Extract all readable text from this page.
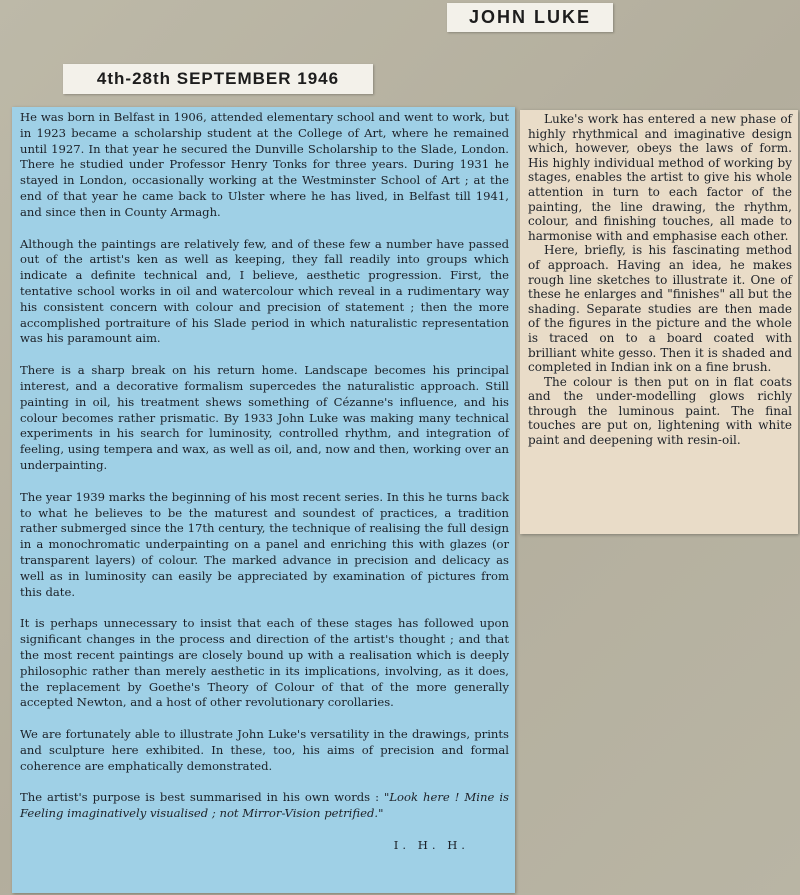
JOHN LUKE
4th-28th SEPTEMBER 1946

He was born in Belfast in 1906, attended elementary school and went to work, but in 1923 became a scholarship student at the College of Art, where he remained until 1927. In that year he secured the Dunville Scholarship to the Slade, London. There he studied under Professor Henry Tonks for three years. During 1931 he stayed in London, occasionally working at the Westminster School of Art ; at the end of that year he came back to Ulster where he has lived, in Belfast till 1941, and since then in County Armagh.

Although the paintings are relatively few, and of these few a number have passed out of the artist's ken as well as keeping, they fall readily into groups which indicate a definite technical and, I believe, aesthetic progression. First, the tentative school works in oil and watercolour which reveal in a rudimentary way his consistent concern with colour and precision of statement ; then the more accomplished portraiture of his Slade period in which naturalistic representation was his paramount aim.

There is a sharp break on his return home. Landscape becomes his principal interest, and a decorative formalism supercedes the naturalistic approach. Still painting in oil, his treatment shews something of Cézanne's influence, and his colour becomes rather prismatic. By 1933 John Luke was making many technical experiments in his search for luminosity, controlled rhythm, and integration of feeling, using tempera and wax, as well as oil, and, now and then, working over an underpainting.

The year 1939 marks the beginning of his most recent series. In this he turns back to what he believes to be the maturest and soundest of practices, a tradition rather submerged since the 17th century, the technique of realising the full design in a monochromatic underpainting on a panel and enriching this with glazes (or transparent layers) of colour. The marked advance in precision and delicacy as well as in luminosity can easily be appreciated by examination of pictures from this date.

It is perhaps unnecessary to insist that each of these stages has followed upon significant changes in the process and direction of the artist's thought ; and that the most recent paintings are closely bound up with a realisation which is deeply philosophic rather than merely aesthetic in its implications, involving, as it does, the replacement by Goethe's Theory of Colour of that of the more generally accepted Newton, and a host of other revolutionary corollaries.

We are fortunately able to illustrate John Luke's versatility in the drawings, prints and sculpture here exhibited. In these, too, his aims of precision and formal coherence are emphatically demonstrated.

The artist's purpose is best summarised in his own words : "Look here ! Mine is Feeling imaginatively visualised ; not Mirror-Vision petrified."

I. H. H.

Luke's work has entered a new phase of highly rhythmical and imaginative design which, however, obeys the laws of form. His highly individual method of working by stages, enables the artist to give his whole attention in turn to each factor of the painting, the line drawing, the rhythm, colour, and finishing touches, all made to harmonise with and emphasise each other.

Here, briefly, is his fascinating method of approach. Having an idea, he makes rough line sketches to illustrate it. One of these he enlarges and "finishes" all but the shading. Separate studies are then made of the figures in the picture and the whole is traced on to a board coated with brilliant white gesso. Then it is shaded and completed in Indian ink on a fine brush.

The colour is then put on in flat coats and the under-modelling glows richly through the luminous paint. The final touches are put on, lightening with white paint and deepening with resin-oil.
